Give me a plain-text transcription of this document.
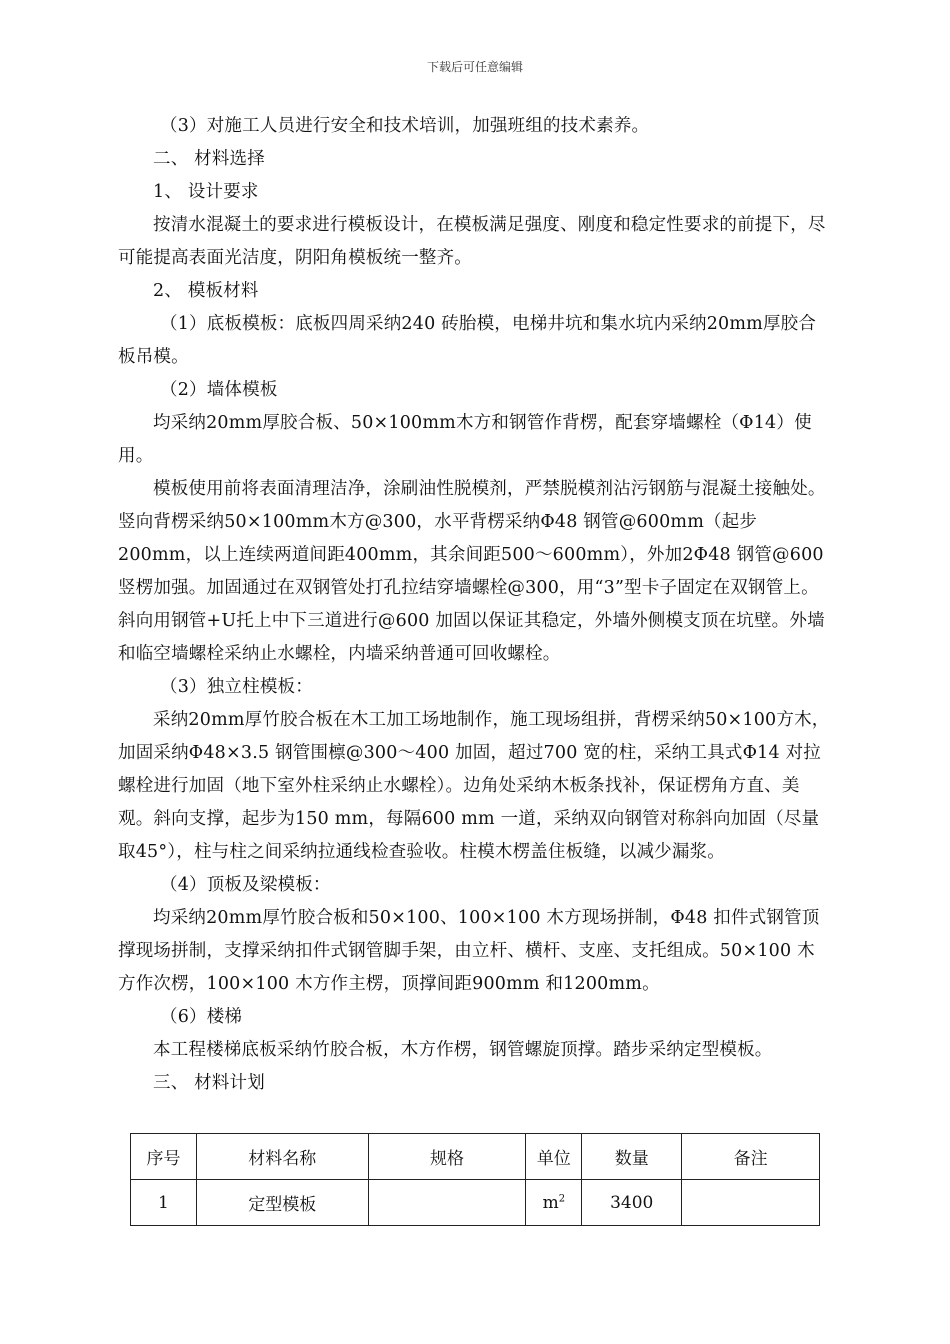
下载后可任意编辑

（3）对施工人员进行安全和技术培训，加强班组的技术素养。

二、 材料选择

1、 设计要求

按清水混凝土的要求进行模板设计，在模板满足强度、刚度和稳定性要求的前提下，尽可能提高表面光洁度，阴阳角模板统一整齐。

2、 模板材料

（1）底板模板：底板四周采纳240 砖胎模，电梯井坑和集水坑内采纳20mm厚胶合板吊模。

（2）墙体模板

均采纳20mm厚胶合板、50×100mm木方和钢管作背楞，配套穿墙螺栓（Φ14）使用。

模板使用前将表面清理洁净，涂刷油性脱模剂，严禁脱模剂沾污钢筋与混凝土接触处。竖向背楞采纳50×100mm木方@300，水平背楞采纳Φ48 钢管@600mm（起步200mm，以上连续两道间距400mm，其余间距500～600mm），外加2Φ48 钢管@600 竖楞加强。加固通过在双钢管处打孔拉结穿墙螺栓@300，用“3”型卡子固定在双钢管上。斜向用钢管+U托上中下三道进行@600 加固以保证其稳定，外墙外侧模支顶在坑壁。外墙和临空墙螺栓采纳止水螺栓，内墙采纳普通可回收螺栓。

（3）独立柱模板：

采纳20mm厚竹胶合板在木工加工场地制作，施工现场组拼，背楞采纳50×100方木，加固采纳Φ48×3.5 钢管围檩@300～400 加固，超过700 宽的柱，采纳工具式Φ14 对拉螺栓进行加固（地下室外柱采纳止水螺栓）。边角处采纳木板条找补，保证楞角方直、美观。斜向支撑，起步为150 mm，每隔600 mm 一道，采纳双向钢管对称斜向加固（尽量取45°），柱与柱之间采纳拉通线检查验收。柱模木楞盖住板缝，以减少漏浆。

（4）顶板及梁模板：

均采纳20mm厚竹胶合板和50×100、100×100 木方现场拼制，Φ48 扣件式钢管顶撑现场拼制，支撑采纳扣件式钢管脚手架，由立杆、横杆、支座、支托组成。50×100 木方作次楞，100×100 木方作主楞，顶撑间距900mm 和1200mm。

（6）楼梯

本工程楼梯底板采纳竹胶合板，木方作楞，钢管螺旋顶撑。踏步采纳定型模板。

三、 材料计划

序号	材料名称	规格	单位	数量	备注
1	定型模板		$m^2$	3400	
